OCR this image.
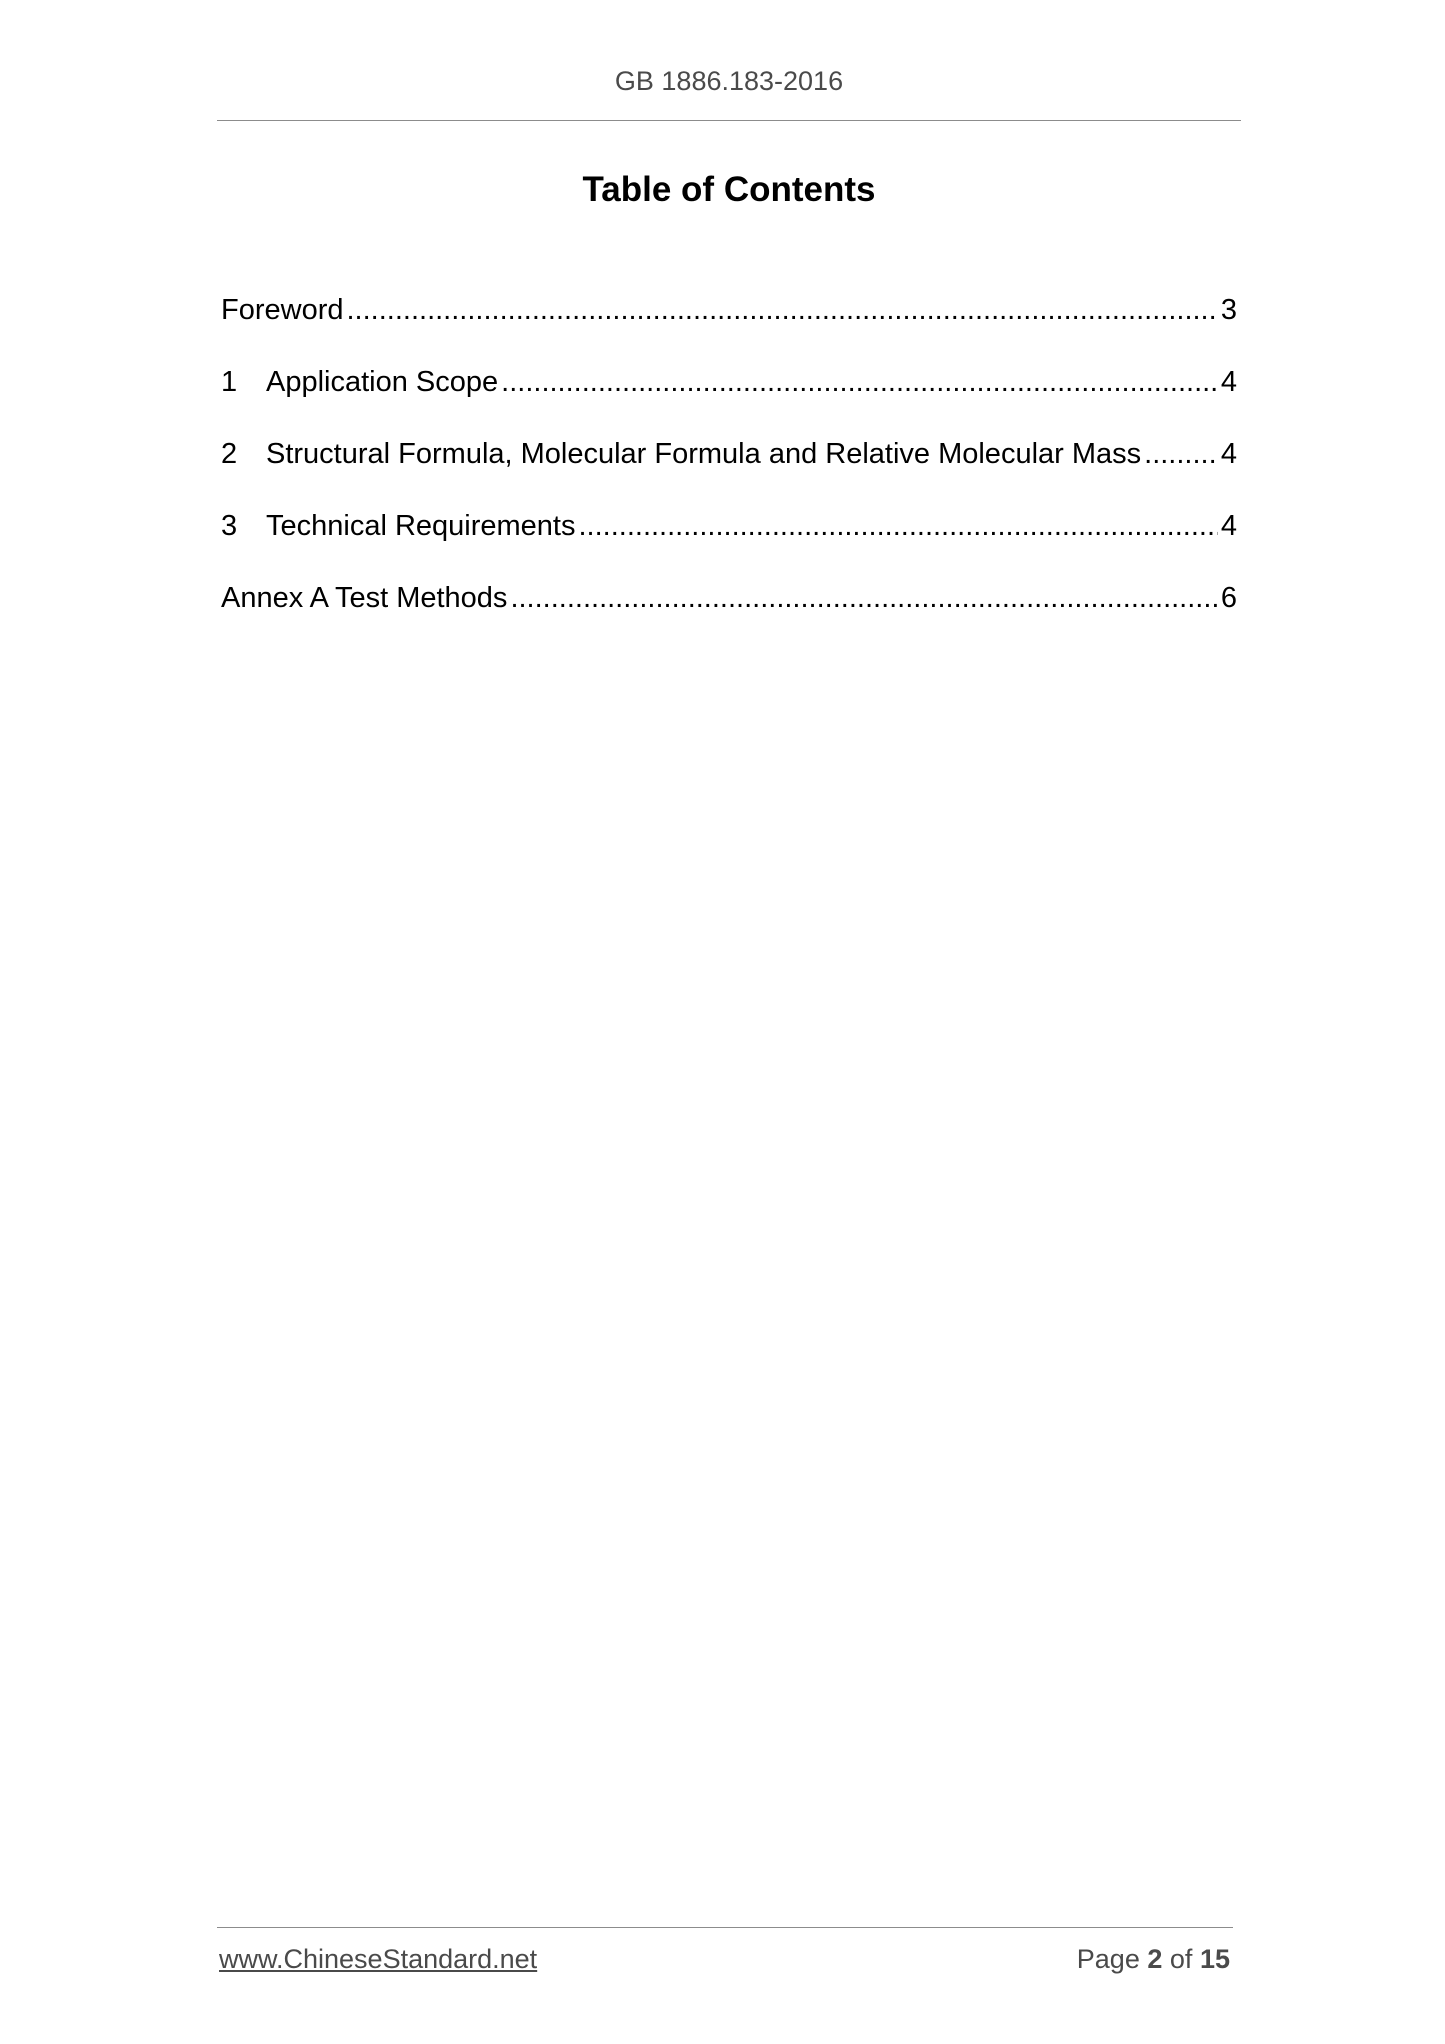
GB 1886.183-2016
Table of Contents
Foreword .....	3
1 Application Scope .....	4
2 Structural Formula, Molecular Formula and Relative Molecular Mass .....	4
3 Technical Requirements .....	4
Annex A Test Methods .....	6
www.ChineseStandard.net	Page 2 of 15
